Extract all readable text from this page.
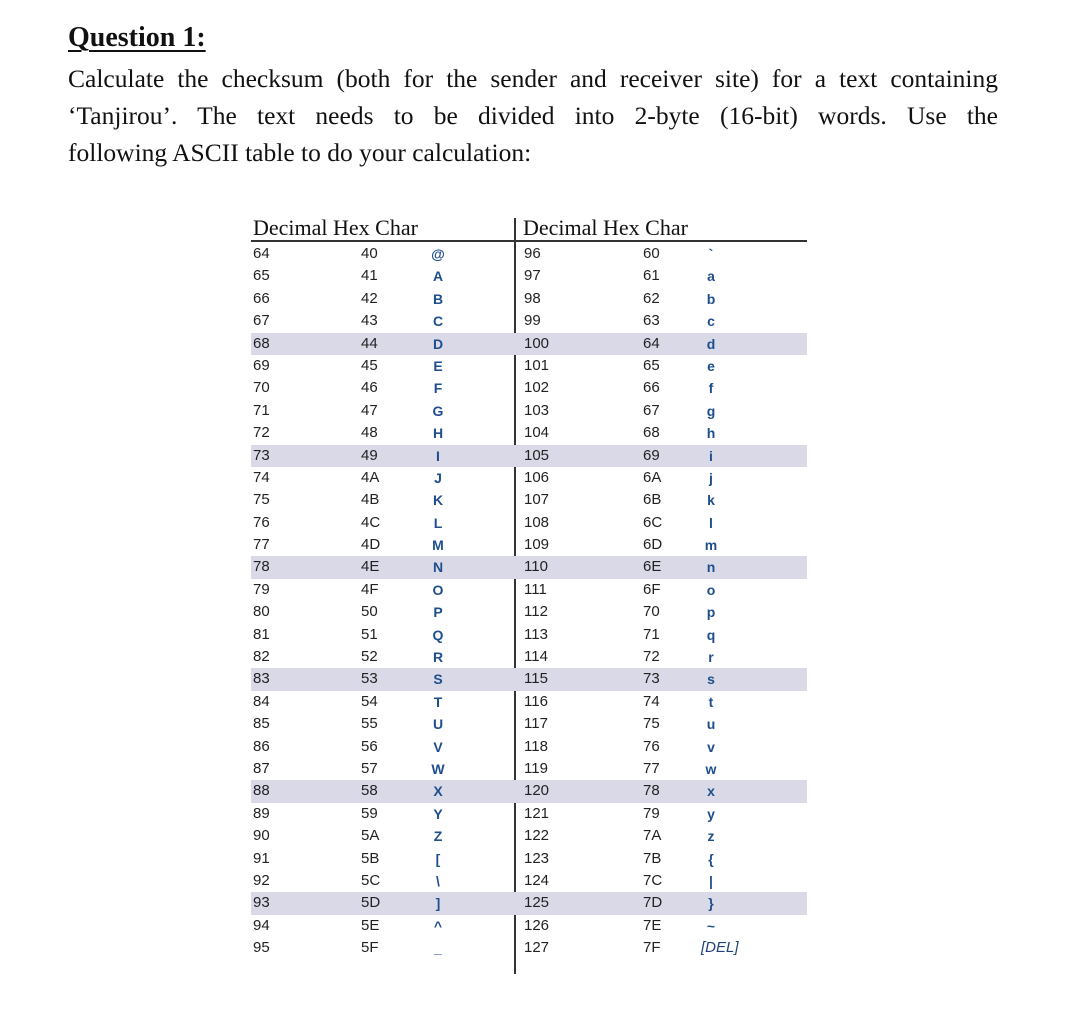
Question 1:
Calculate the checksum (both for the sender and receiver site) for a text containing
‘Tanjirou’. The text needs to be divided into 2-byte (16-bit) words. Use the
following ASCII table to do your calculation:
Decimal Hex Char	Decimal Hex Char
64	40	@	96	60	`
65	41	A	97	61	a
66	42	B	98	62	b
67	43	C	99	63	c
68	44	D	100	64	d
69	45	E	101	65	e
70	46	F	102	66	f
71	47	G	103	67	g
72	48	H	104	68	h
73	49	I	105	69	i
74	4A	J	106	6A	j
75	4B	K	107	6B	k
76	4C	L	108	6C	l
77	4D	M	109	6D	m
78	4E	N	110	6E	n
79	4F	O	111	6F	o
80	50	P	112	70	p
81	51	Q	113	71	q
82	52	R	114	72	r
83	53	S	115	73	s
84	54	T	116	74	t
85	55	U	117	75	u
86	56	V	118	76	v
87	57	W	119	77	w
88	58	X	120	78	x
89	59	Y	121	79	y
90	5A	Z	122	7A	z
91	5B	[	123	7B	{
92	5C	\	124	7C	|
93	5D	]	125	7D	}
94	5E	^	126	7E	~
95	5F	_	127	7F	[DEL]
